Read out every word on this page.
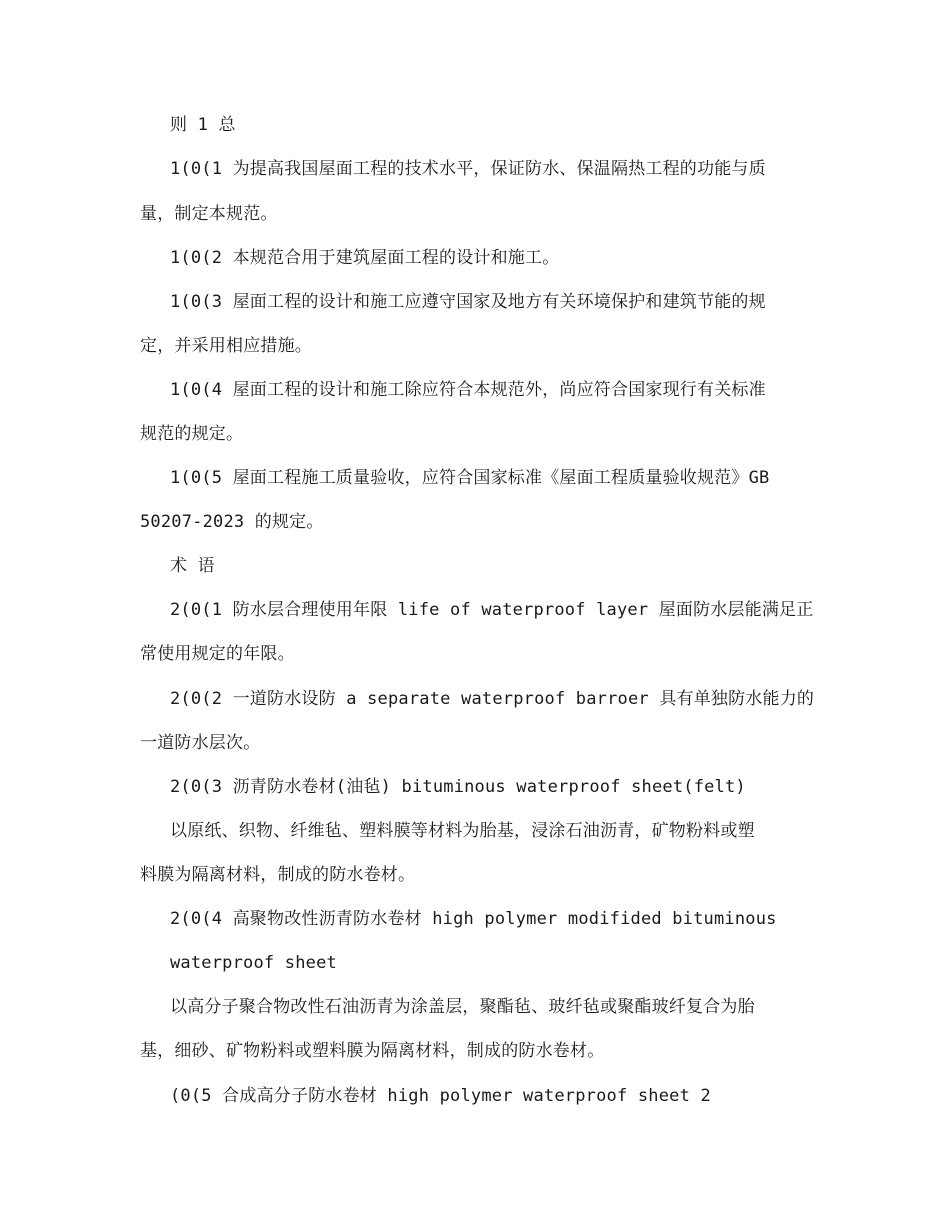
则 1 总
1(0(1 为提高我国屋面工程的技术水平，保证防水、保温隔热工程的功能与质
量，制定本规范。
1(0(2 本规范合用于建筑屋面工程的设计和施工。
1(0(3 屋面工程的设计和施工应遵守国家及地方有关环境保护和建筑节能的规
定，并采用相应措施。
1(0(4 屋面工程的设计和施工除应符合本规范外，尚应符合国家现行有关标准
规范的规定。
1(0(5 屋面工程施工质量验收，应符合国家标准《屋面工程质量验收规范》GB
50207-2023 的规定。
术 语
2(0(1 防水层合理使用年限 life of waterproof layer 屋面防水层能满足正
常使用规定的年限。
2(0(2 一道防水设防 a separate waterproof barroer 具有单独防水能力的
一道防水层次。
2(0(3 沥青防水卷材(油毡) bituminous waterproof sheet(felt)
以原纸、织物、纤维毡、塑料膜等材料为胎基，浸涂石油沥青，矿物粉料或塑
料膜为隔离材料，制成的防水卷材。
2(0(4 高聚物改性沥青防水卷材 high polymer modifided bituminous
waterproof sheet
以高分子聚合物改性石油沥青为涂盖层，聚酯毡、玻纤毡或聚酯玻纤复合为胎
基，细砂、矿物粉料或塑料膜为隔离材料，制成的防水卷材。
(0(5 合成高分子防水卷材 high polymer waterproof sheet 2
